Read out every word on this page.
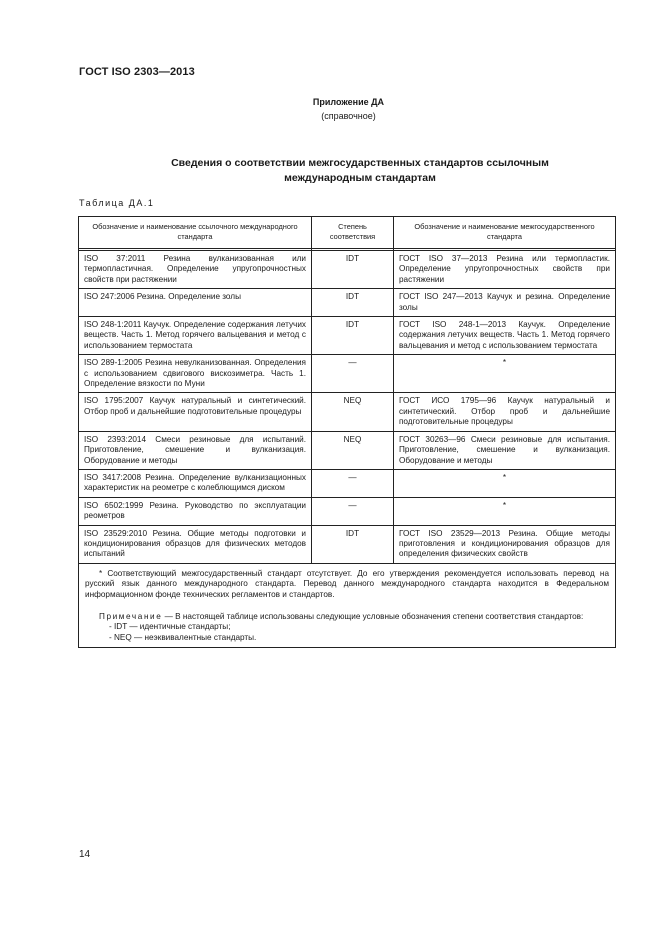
ГОСТ ISO 2303—2013
Приложение ДА
(справочное)
Сведения о соответствии межгосударственных стандартов ссылочным
международным стандартам
Таблица ДА.1
Обозначение и наименование ссылочного международного стандарта	Степень соответствия	Обозначение и наименование межгосударственного стандарта

ISO 37:2011 Резина вулканизованная или термопластичная. Определение упругопрочностных свойств при растяжении	IDT	ГОСТ ISO 37—2013 Резина или термопластик. Определение упругопрочностных свойств при растяжении
ISO 247:2006 Резина. Определение золы	IDT	ГОСТ ISO 247—2013 Каучук и резина. Определение золы
ISO 248-1:2011 Каучук. Определение содержания летучих веществ. Часть 1. Метод горячего вальцевания и метод с использованием термостата	IDT	ГОСТ ISO 248-1—2013 Каучук. Определение содержания летучих веществ. Часть 1. Метод горячего вальцевания и метод с использованием термостата
ISO 289-1:2005 Резина невулканизованная. Определения с использованием сдвигового вискозиметра. Часть 1. Определение вязкости по Муни	—	*
ISO 1795:2007 Каучук натуральный и синтетический. Отбор проб и дальнейшие подготовительные процедуры	NEQ	ГОСТ ИСО 1795—96 Каучук натуральный и синтетический. Отбор проб и дальнейшие подготовительные процедуры
ISO 2393:2014 Смеси резиновые для испытаний. Приготовление, смешение и вулканизация. Оборудование и методы	NEQ	ГОСТ 30263—96 Смеси резиновые для испытания. Приготовление, смешение и вулканизация. Оборудование и методы
ISO 3417:2008 Резина. Определение вулканизационных характеристик на реометре с колеблющимся диском	—	*
ISO 6502:1999 Резина. Руководство по эксплуатации реометров	—	*
ISO 23529:2010 Резина. Общие методы подготовки и кондиционирования образцов для физических методов испытаний	IDT	ГОСТ ISO 23529—2013 Резина. Общие методы приготовления и кондиционирования образцов для определения физических свойств

* Соответствующий межгосударственный стандарт отсутствует. До его утверждения рекомендуется использовать перевод на русский язык данного международного стандарта. Перевод данного международного стандарта находится в Федеральном информационном фонде технических регламентов и стандартов.

Примечание — В настоящей таблице использованы следующие условные обозначения степени соответствия стандартов:

- IDT — идентичные стандарты;

- NEQ — неэквивалентные стандарты.		

14
